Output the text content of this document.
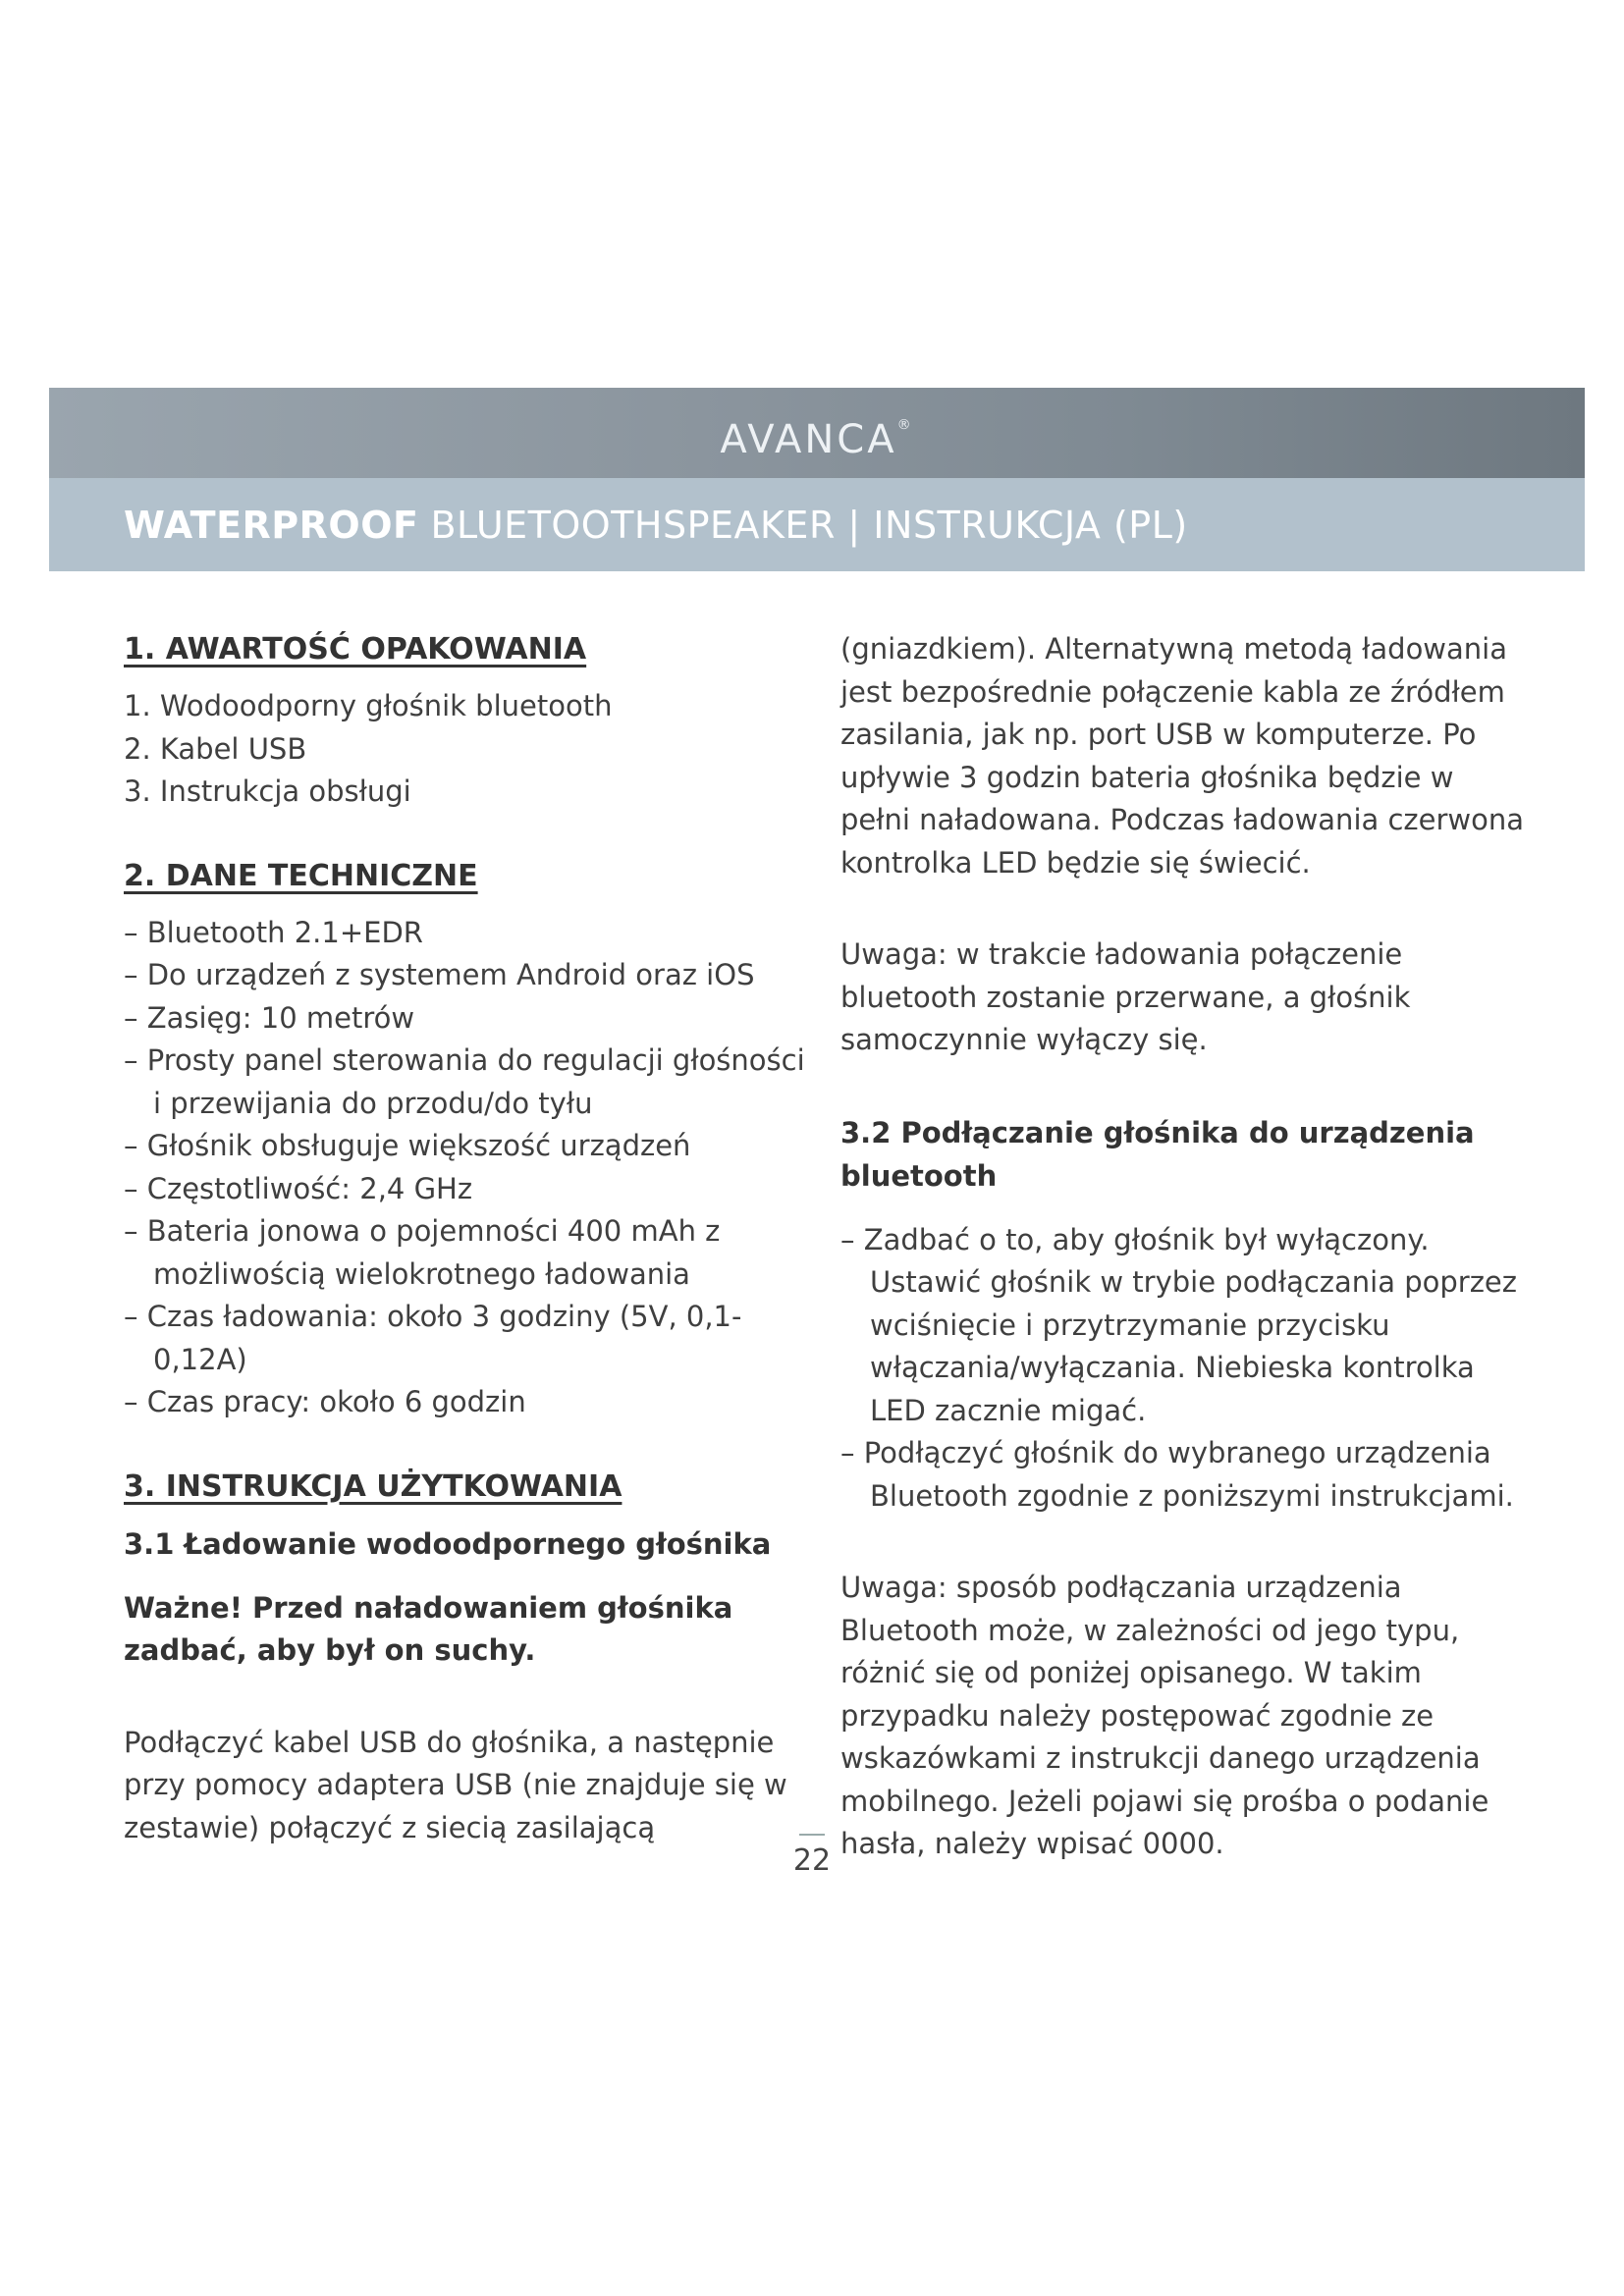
AVANCA®
WATERPROOF BLUETOOTHSPEAKER | INSTRUKCJA (PL)
1. AWARTOŚĆ OPAKOWANIA
1. Wodoodporny głośnik bluetooth
2. Kabel USB
3. Instrukcja obsługi
2. DANE TECHNICZNE
– Bluetooth 2.1+EDR
– Do urządzeń z systemem Android oraz iOS
– Zasięg: 10 metrów
– Prosty panel sterowania do regulacji głośności i przewijania do przodu/do tyłu
– Głośnik obsługuje większość urządzeń
– Częstotliwość: 2,4 GHz
– Bateria jonowa o pojemności 400 mAh z możliwością wielokrotnego ładowania
– Czas ładowania: około 3 godziny (5V, 0,1-0,12A)
– Czas pracy: około 6 godzin
3. INSTRUKCJA UŻYTKOWANIA

3.1 Ładowanie wodoodpornego głośnika

Ważne! Przed naładowaniem głośnika zadbać, aby był on suchy.

Podłączyć kabel USB do głośnika, a następnie przy pomocy adaptera USB (nie znajduje się w zestawie) połączyć z siecią zasilającą

(gniazdkiem). Alternatywną metodą ładowania jest bezpośrednie połączenie kabla ze źródłem zasilania, jak np. port USB w komputerze. Po upływie 3 godzin bateria głośnika będzie w pełni naładowana. Podczas ładowania czerwona kontrolka LED będzie się świecić.

Uwaga: w trakcie ładowania połączenie bluetooth zostanie przerwane, a głośnik samoczynnie wyłączy się.

3.2 Podłączanie głośnika do urządzenia bluetooth

– Zadbać o to, aby głośnik był wyłączony. Ustawić głośnik w trybie podłączania poprzez wciśnięcie i przytrzymanie przycisku włączania/wyłączania. Niebieska kontrolka LED zacznie migać.
– Podłączyć głośnik do wybranego urządzenia Bluetooth zgodnie z poniższymi instrukcjami.

Uwaga: sposób podłączania urządzenia Bluetooth może, w zależności od jego typu, różnić się od poniżej opisanego. W takim przypadku należy postępować zgodnie ze wskazówkami z instrukcji danego urządzenia mobilnego. Jeżeli pojawi się prośba o podanie hasła, należy wpisać 0000.

22
